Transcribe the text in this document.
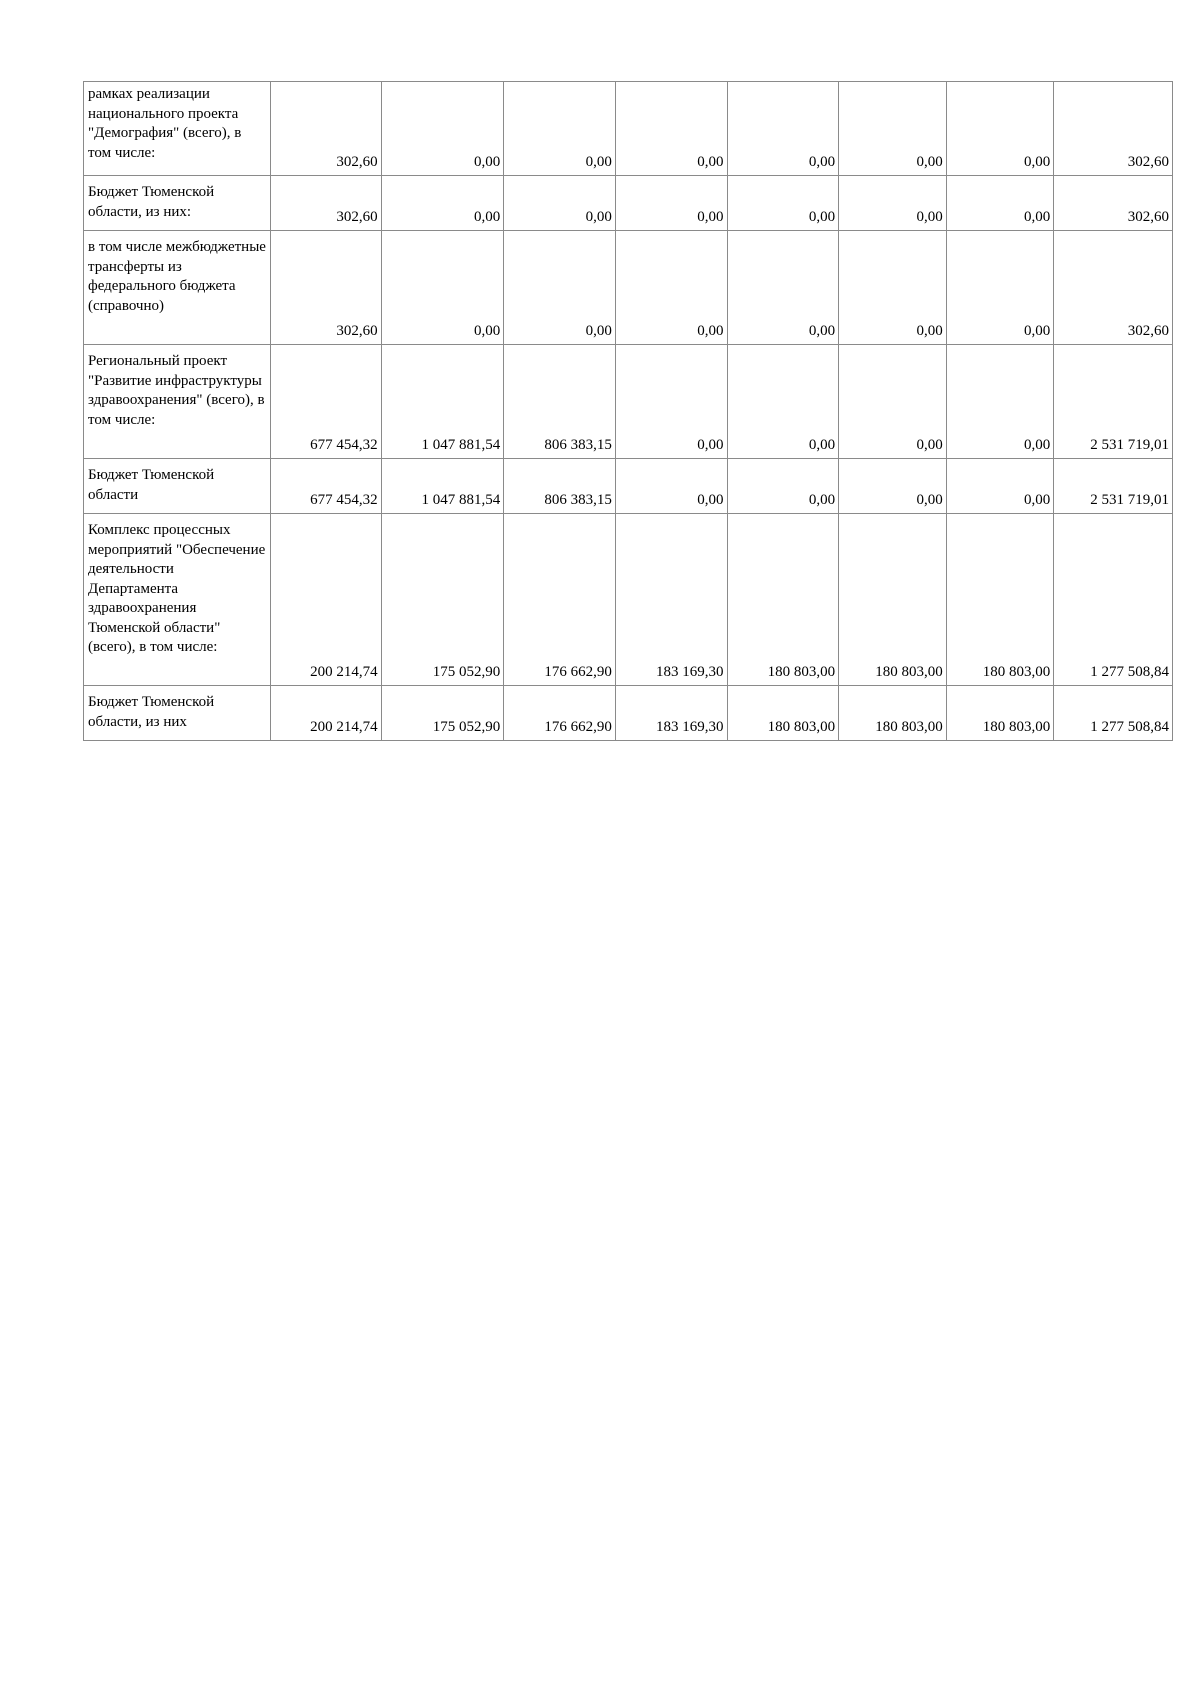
рамках реализации национального проекта "Демография" (всего), в том числе:	302,60	0,00	0,00	0,00	0,00	0,00	0,00	302,60

Бюджет Тюменской области, из них:	302,60	0,00	0,00	0,00	0,00	0,00	0,00	302,60

в том числе межбюджетные трансферты из федерального бюджета (справочно)	302,60	0,00	0,00	0,00	0,00	0,00	0,00	302,60

Региональный проект "Развитие инфраструктуры здравоохранения" (всего), в том числе:	677 454,32	1 047 881,54	806 383,15	0,00	0,00	0,00	0,00	2 531 719,01

Бюджет Тюменской области	677 454,32	1 047 881,54	806 383,15	0,00	0,00	0,00	0,00	2 531 719,01

Комплекс процессных мероприятий "Обеспечение деятельности Департамента здравоохранения Тюменской области" (всего), в том числе:	200 214,74	175 052,90	176 662,90	183 169,30	180 803,00	180 803,00	180 803,00	1 277 508,84

Бюджет Тюменской области, из них	200 214,74	175 052,90	176 662,90	183 169,30	180 803,00	180 803,00	180 803,00	1 277 508,84
